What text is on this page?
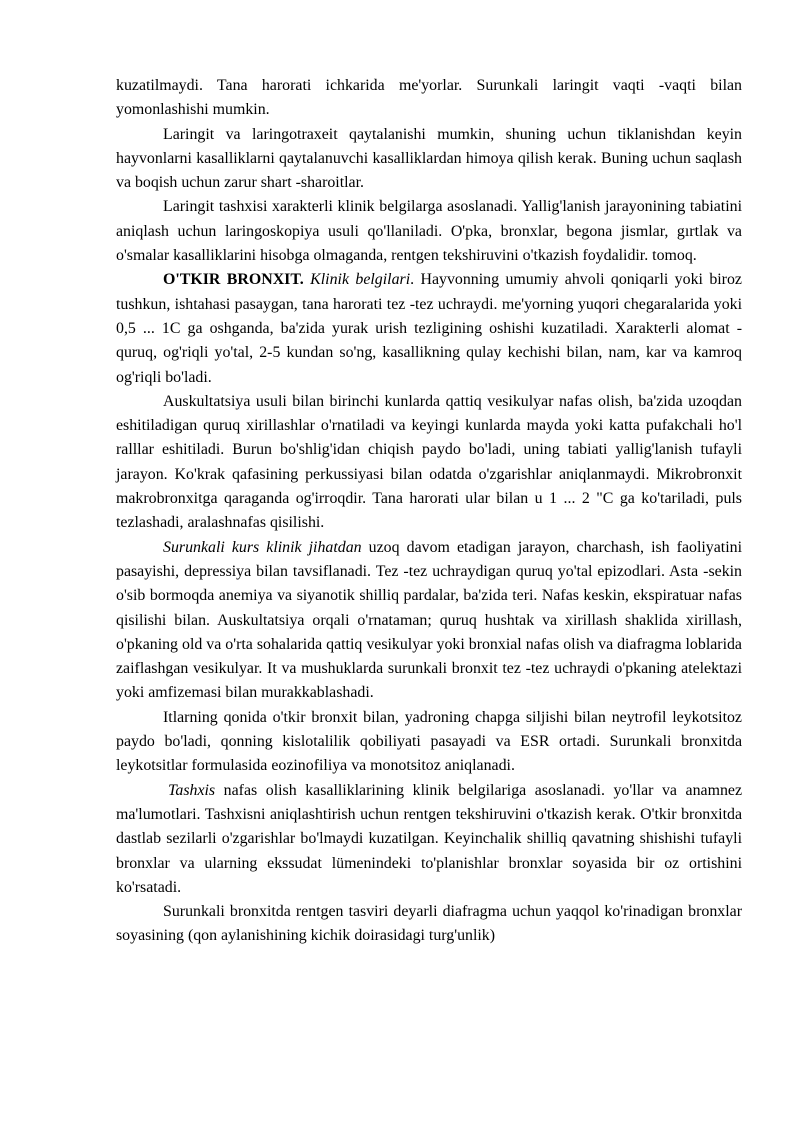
kuzatilmaydi. Tana harorati ichkarida me'yorlar. Surunkali laringit vaqti -vaqti bilan yomonlashishi mumkin.

Laringit va laringotraxeit qaytalanishi mumkin, shuning uchun tiklanishdan keyin hayvonlarni kasalliklarni qaytalanuvchi kasalliklardan himoya qilish kerak. Buning uchun saqlash va boqish uchun zarur shart -sharoitlar.

Laringit tashxisi xarakterli klinik belgilarga asoslanadi. Yallig'lanish jarayonining tabiatini aniqlash uchun laringoskopiya usuli qo'llaniladi. O'pka, bronxlar, begona jismlar, gırtlak va o'smalar kasalliklarini hisobga olmaganda, rentgen tekshiruvini o'tkazish foydalidir. tomoq.

O'TKIR BRONXIT. Klinik belgilari. Hayvonning umumiy ahvoli qoniqarli yoki biroz tushkun, ishtahasi pasaygan, tana harorati tez -tez uchraydi. me'yorning yuqori chegaralarida yoki 0,5 ... 1C ga oshganda, ba'zida yurak urish tezligining oshishi kuzatiladi. Xarakterli alomat - quruq, og'riqli yo'tal, 2-5 kundan so'ng, kasallikning qulay kechishi bilan, nam, kar va kamroq og'riqli bo'ladi.

Auskultatsiya usuli bilan birinchi kunlarda qattiq vesikulyar nafas olish, ba'zida uzoqdan eshitiladigan quruq xirillashlar o'rnatiladi va keyingi kunlarda mayda yoki katta pufakchali ho'l ralllar eshitiladi. Burun bo'shlig'idan chiqish paydo bo'ladi, uning tabiati yallig'lanish tufayli jarayon. Ko'krak qafasining perkussiyasi bilan odatda o'zgarishlar aniqlanmaydi. Mikrobronxit makrobronxitga qaraganda og'irroqdir. Tana harorati ular bilan u 1 ... 2 "C ga ko'tariladi, puls tezlashadi, aralashnafas qisilishi.

Surunkali kurs klinik jihatdan uzoq davom etadigan jarayon, charchash, ish faoliyatini pasayishi, depressiya bilan tavsiflanadi. Tez -tez uchraydigan quruq yo'tal epizodlari. Asta -sekin o'sib bormoqda anemiya va siyanotik shilliq pardalar, ba'zida teri. Nafas keskin, ekspiratuar nafas qisilishi bilan. Auskultatsiya orqali o'rnataman; quruq hushtak va xirillash shaklida xirillash, o'pkaning old va o'rta sohalarida qattiq vesikulyar yoki bronxial nafas olish va diafragma loblarida zaiflashgan vesikulyar. It va mushuklarda surunkali bronxit tez -tez uchraydi o'pkaning atelektazi yoki amfizemasi bilan murakkablashadi.

Itlarning qonida o'tkir bronxit bilan, yadroning chapga siljishi bilan neytrofil leykotsitoz paydo bo'ladi, qonning kislotalilik qobiliyati pasayadi va ESR ortadi. Surunkali bronxitda leykotsitlar formulasida eozinofiliya va monotsitoz aniqlanadi.

Tashxis nafas olish kasalliklarining klinik belgilariga asoslanadi. yo'llar va anamnez ma'lumotlari. Tashxisni aniqlashtirish uchun rentgen tekshiruvini o'tkazish kerak. O'tkir bronxitda dastlab sezilarli o'zgarishlar bo'lmaydi kuzatilgan. Keyinchalik shilliq qavatning shishishi tufayli bronxlar va ularning ekssudat lümenindeki to'planishlar bronxlar soyasida bir oz ortishini ko'rsatadi.

Surunkali bronxitda rentgen tasviri deyarli diafragma uchun yaqqol ko'rinadigan bronxlar soyasining (qon aylanishining kichik doirasidagi turg'unlik)
